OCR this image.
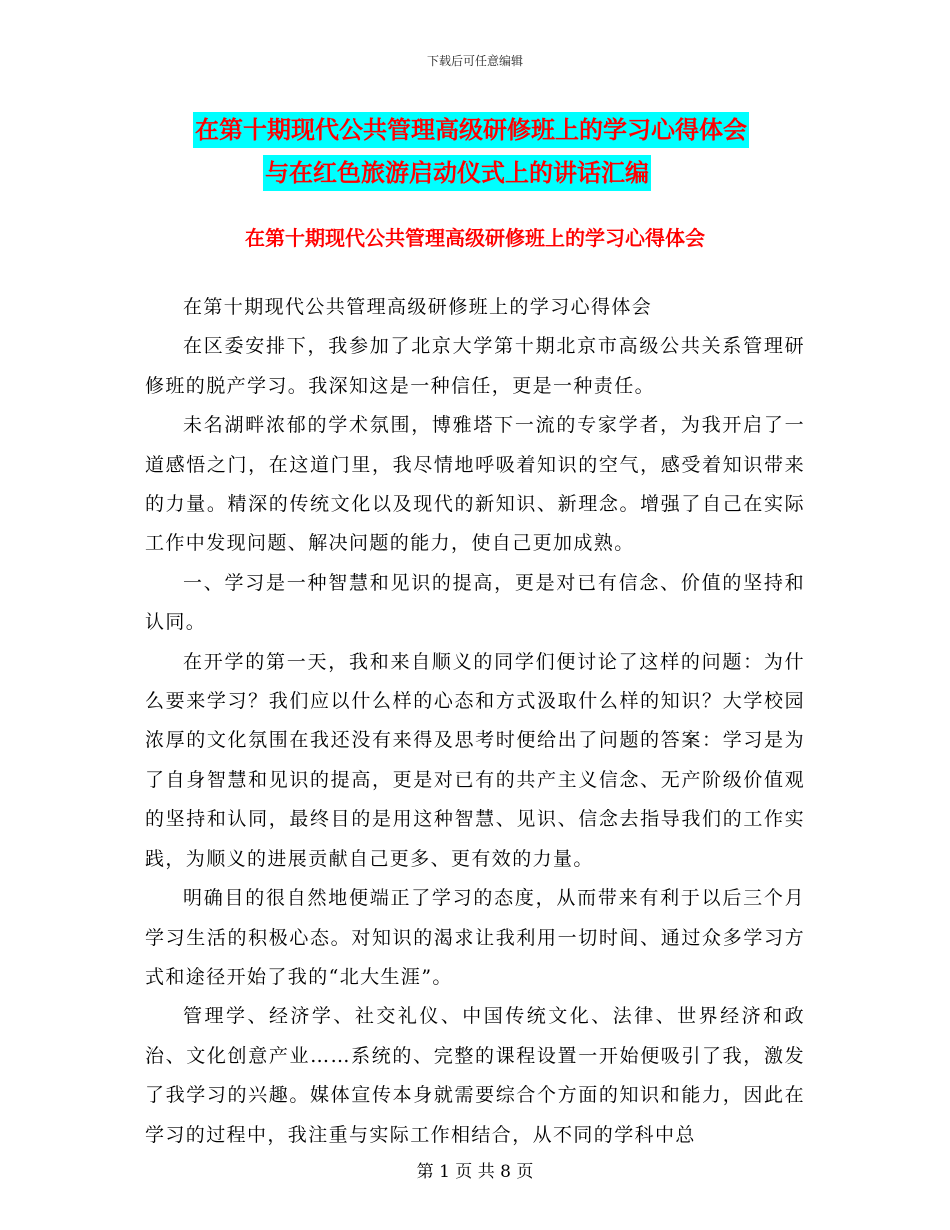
下载后可任意编辑
在第十期现代公共管理高级研修班上的学习心得体会
与在红色旅游启动仪式上的讲话汇编
在第十期现代公共管理高级研修班上的学习心得体会

在第十期现代公共管理高级研修班上的学习心得体会

在区委安排下，我参加了北京大学第十期北京市高级公共关系管理研修班的脱产学习。我深知这是一种信任，更是一种责任。

未名湖畔浓郁的学术氛围，博雅塔下一流的专家学者，为我开启了一道感悟之门，在这道门里，我尽情地呼吸着知识的空气，感受着知识带来的力量。精深的传统文化以及现代的新知识、新理念。增强了自己在实际工作中发现问题、解决问题的能力，使自己更加成熟。

一、学习是一种智慧和见识的提高，更是对已有信念、价值的坚持和认同。

在开学的第一天，我和来自顺义的同学们便讨论了这样的问题：为什么要来学习？我们应以什么样的心态和方式汲取什么样的知识？大学校园浓厚的文化氛围在我还没有来得及思考时便给出了问题的答案：学习是为了自身智慧和见识的提高，更是对已有的共产主义信念、无产阶级价值观的坚持和认同，最终目的是用这种智慧、见识、信念去指导我们的工作实践，为顺义的进展贡献自己更多、更有效的力量。

明确目的很自然地便端正了学习的态度，从而带来有利于以后三个月学习生活的积极心态。对知识的渴求让我利用一切时间、通过众多学习方式和途径开始了我的“北大生涯”。

管理学、经济学、社交礼仪、中国传统文化、法律、世界经济和政治、文化创意产业……系统的、完整的课程设置一开始便吸引了我，激发了我学习的兴趣。媒体宣传本身就需要综合个方面的知识和能力，因此在学习的过程中，我注重与实际工作相结合，从不同的学科中总

第 1 页 共 8 页
